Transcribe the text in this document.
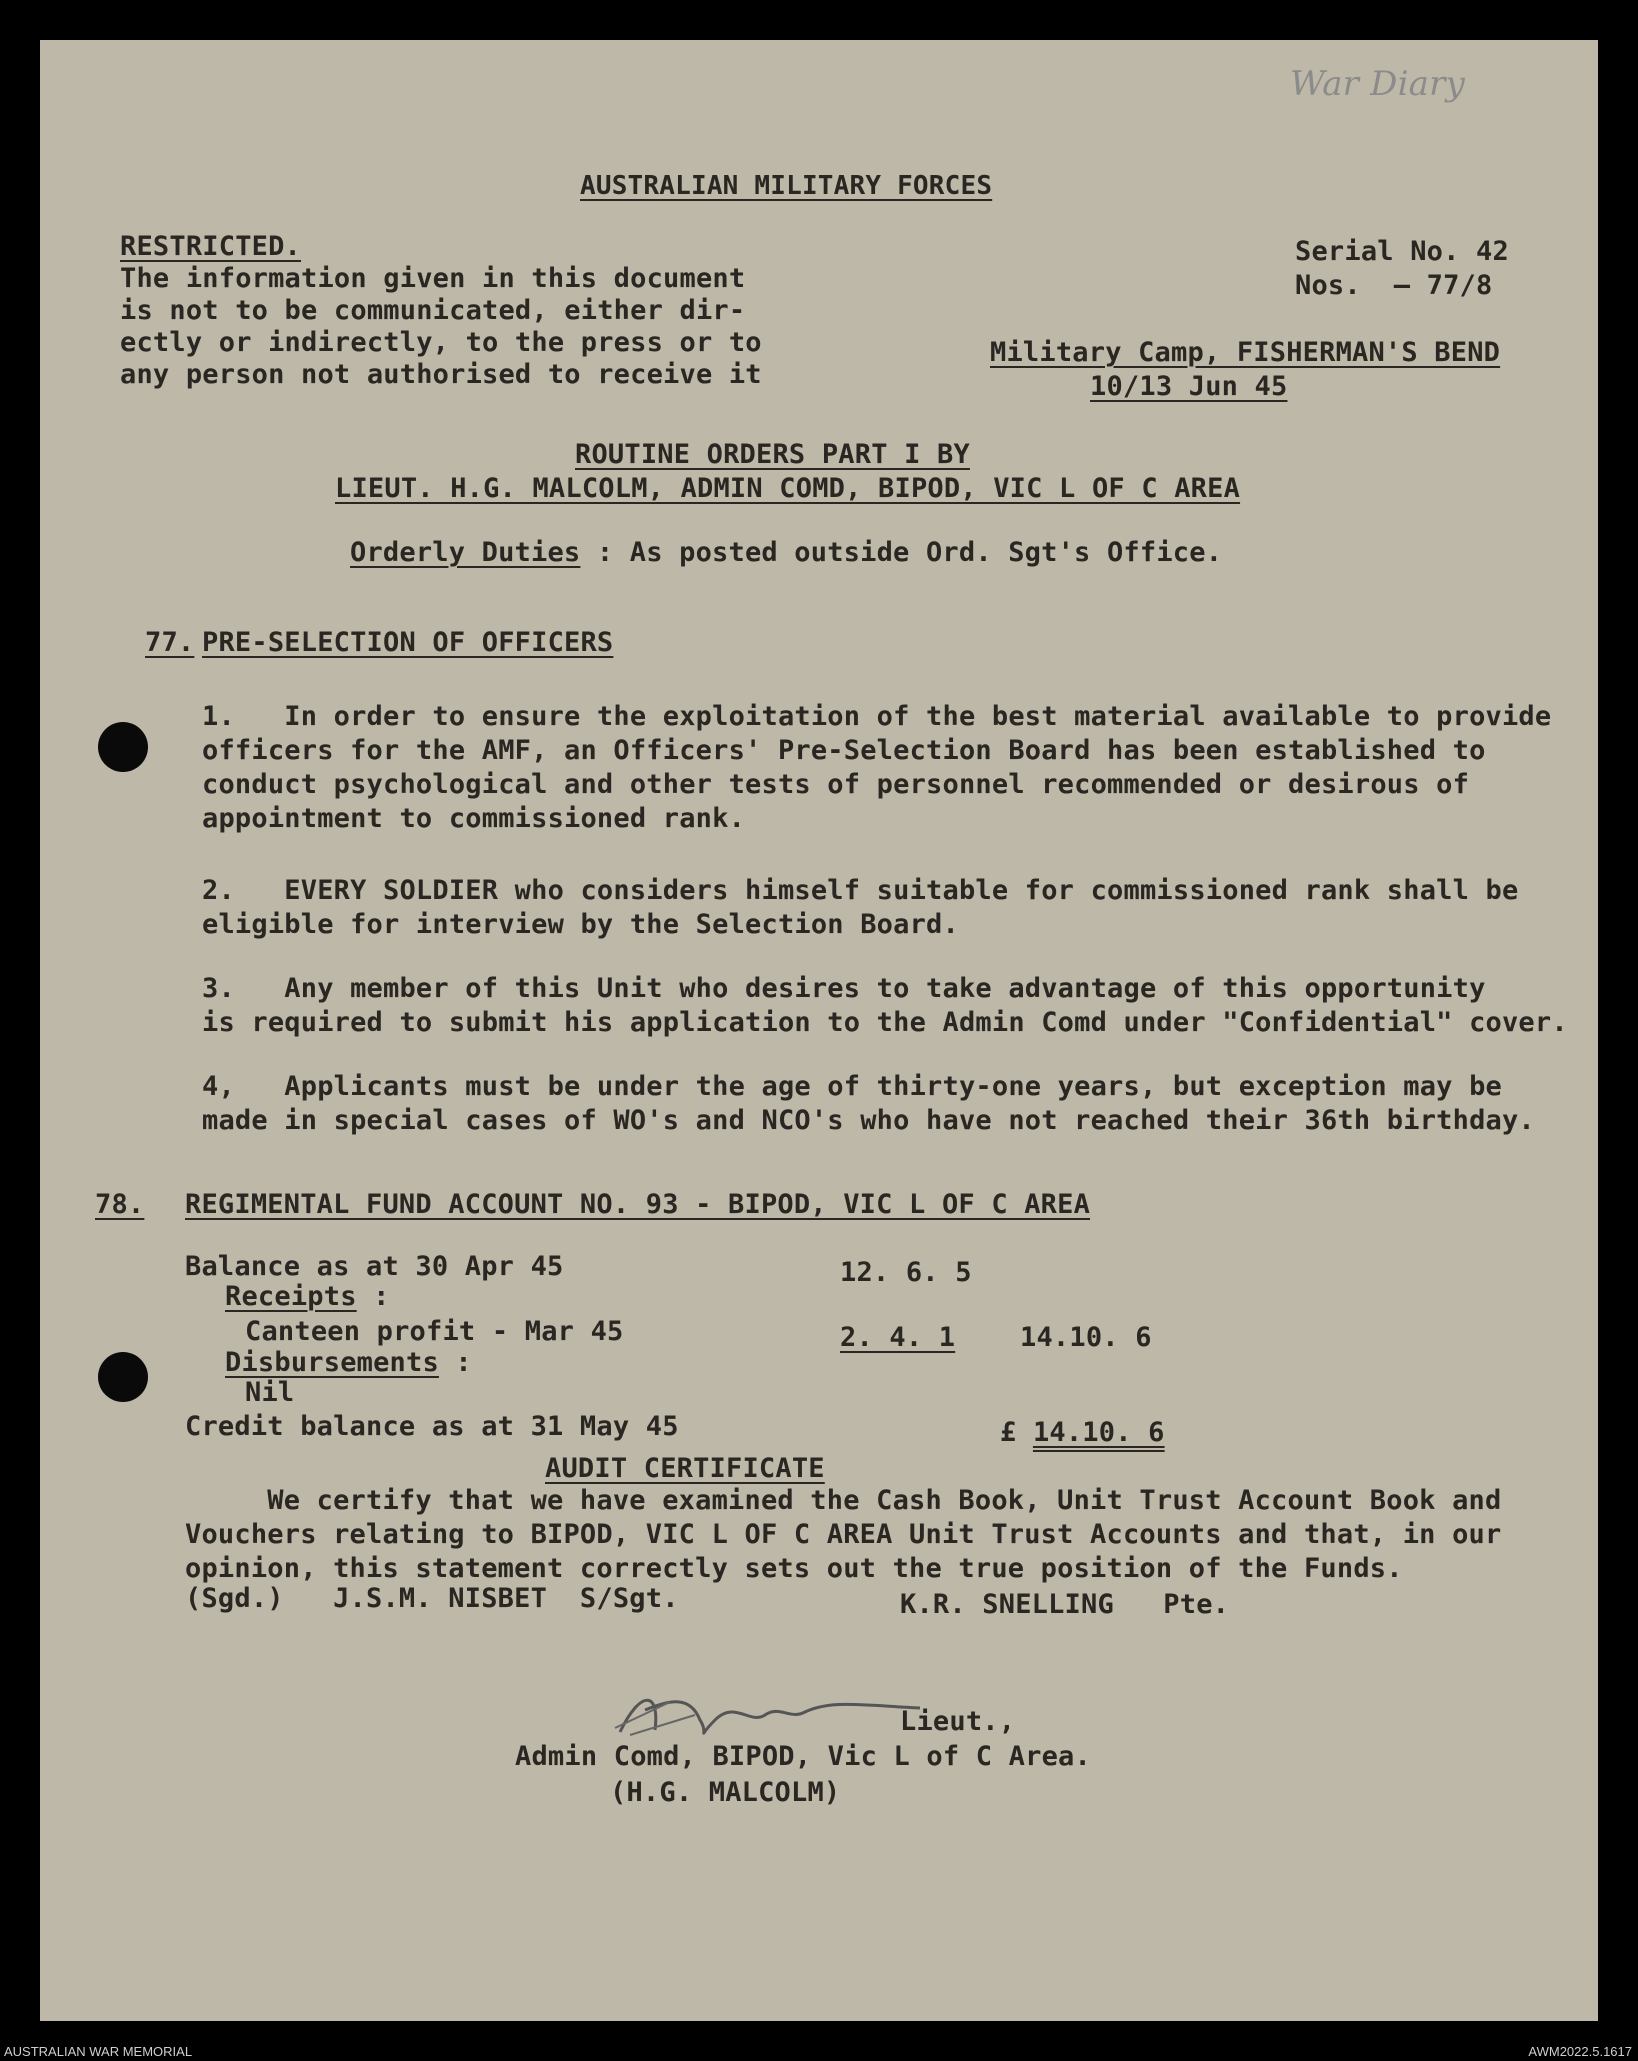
War Diary
AUSTRALIAN MILITARY FORCES
RESTRICTED.
The information given in this document
is not to be communicated, either dir-
ectly or indirectly, to the press or to
any person not authorised to receive it
Serial No. 42
Nos.  — 77/8
Military Camp, FISHERMAN'S BEND
10/13 Jun 45
ROUTINE ORDERS PART I BY
LIEUT. H.G. MALCOLM, ADMIN COMD, BIPOD, VIC L OF C AREA
Orderly Duties : As posted outside Ord. Sgt's Office.
77. PRE-SELECTION OF OFFICERS
1.   In order to ensure the exploitation of the best material available to provide
officers for the AMF, an Officers' Pre-Selection Board has been established to
conduct psychological and other tests of personnel recommended or desirous of
appointment to commissioned rank.
2.   EVERY SOLDIER who considers himself suitable for commissioned rank shall be
eligible for interview by the Selection Board.
3.   Any member of this Unit who desires to take advantage of this opportunity
is required to submit his application to the Admin Comd under "Confidential" cover.
4,   Applicants must be under the age of thirty-one years, but exception may be
made in special cases of WO's and NCO's who have not reached their 36th birthday.
78. REGIMENTAL FUND ACCOUNT NO. 93 - BIPOD, VIC L OF C AREA
Balance as at 30 Apr 45	12. 6. 5
Receipts :
Canteen profit - Mar 45	2. 4. 1 14.10. 6
Disbursements :
Nil
Credit balance as at 31 May 45	£ 14.10. 6
AUDIT CERTIFICATE
We certify that we have examined the Cash Book, Unit Trust Account Book and
Vouchers relating to BIPOD, VIC L OF C AREA Unit Trust Accounts and that, in our
opinion, this statement correctly sets out the true position of the Funds.
(Sgd.)   J.S.M. NISBET  S/Sgt.	K.R. SNELLING   Pte.
Lieut.,
Admin Comd, BIPOD, Vic L of C Area.
(H.G. MALCOLM)
AUSTRALIAN WAR MEMORIAL	AWM2022.5.1617
